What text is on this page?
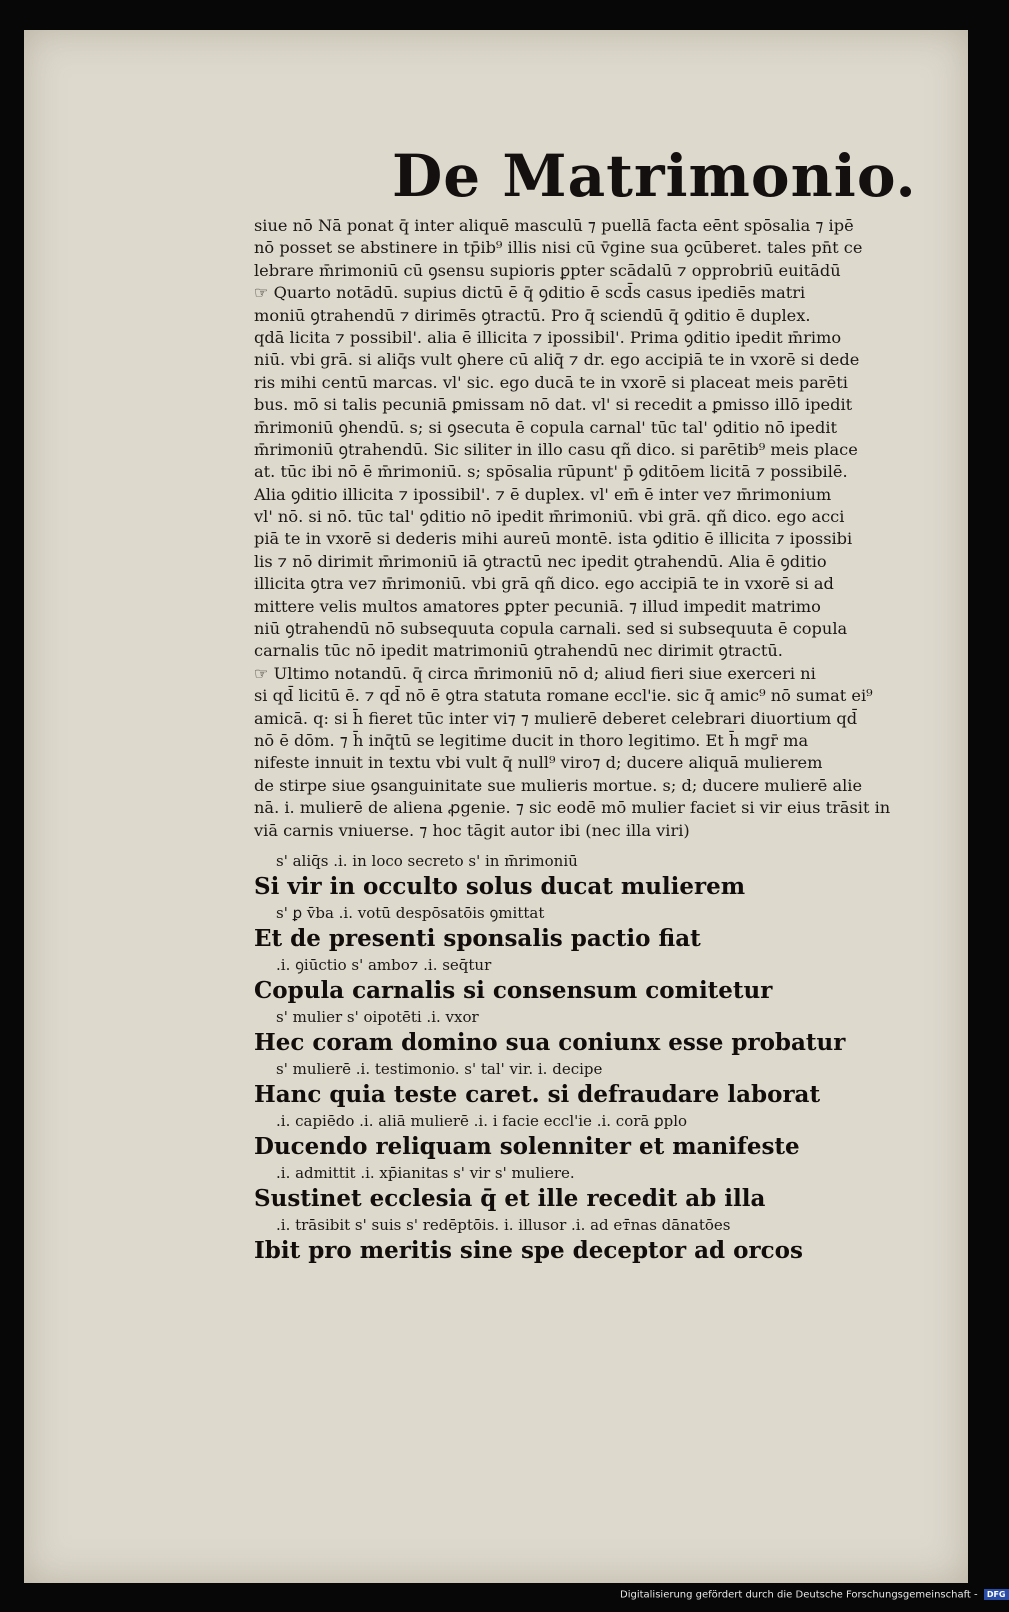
De Matrimonio.
siue nō Nā ponat q̄ inter aliquē masculū ⁊ puellā facta eēnt spōsalia ⁊ ipē
nō posset se abstinere in tp̄ib⁹ illis nisi cū v̄gine sua ꝯcūberet. tales pn̄t ce
lebrare m̄rimoniū cū ꝯsensu supioris ꝑpter scādalū ⁊ opprobriū euitādū
☞ Quarto notādū. supius dictū ē q̄ ꝯditio ē scd̄s casus ipediēs matri
moniū ꝯtrahendū ⁊ dirimēs ꝯtractū. Pro q̄ sciendū q̄ ꝯditio ē duplex.
qdā licita ⁊ possibil'. alia ē illicita ⁊ ipossibil'. Prima ꝯditio ipedit m̄rimo
niū. vbi grā. si aliq̄s vult ꝯhere cū aliq̄ ⁊ dr. ego accipiā te in vxorē si dede
ris mihi centū marcas. vl' sic. ego ducā te in vxorē si placeat meis parēti
bus. mō si talis pecuniā ꝑmissam nō dat. vl' si recedit a ꝑmisso illō ipedit
m̄rimoniū ꝯhendū. s; si ꝯsecuta ē copula carnal' tūc tal' ꝯditio nō ipedit
m̄rimoniū ꝯtrahendū. Sic siliter in illo casu qñ dico. si parētib⁹ meis place
at. tūc ibi nō ē m̄rimoniū. s; spōsalia rūpunt' p̄ ꝯditōem licitā ⁊ possibilē.
Alia ꝯditio illicita ⁊ ipossibil'. ⁊ ē duplex. vl' em̄ ē inter ve⁊ m̄rimonium
vl' nō. si nō. tūc tal' ꝯditio nō ipedit m̄rimoniū. vbi grā. qñ dico. ego acci
piā te in vxorē si dederis mihi aureū montē. ista ꝯditio ē illicita ⁊ ipossibi
lis ⁊ nō dirimit m̄rimoniū iā ꝯtractū nec ipedit ꝯtrahendū. Alia ē ꝯditio
illicita ꝯtra ve⁊ m̄rimoniū. vbi grā qñ dico. ego accipiā te in vxorē si ad
mittere velis multos amatores ꝑpter pecuniā. ⁊ illud impedit matrimo
niū ꝯtrahendū nō subsequuta copula carnali. sed si subsequuta ē copula
carnalis tūc nō ipedit matrimoniū ꝯtrahendū nec dirimit ꝯtractū.
☞ Ultimo notandū. q̄ circa m̄rimoniū nō d; aliud fieri siue exerceri ni
si qd̄ licitū ē. ⁊ qd̄ nō ē ꝯtra statuta romane eccl'ie. sic q̄ amic⁹ nō sumat ei⁹
amicā. q: si h̄ fieret tūc inter vi⁊ ⁊ mulierē deberet celebrari diuortium qd̄
nō ē dōm. ⁊ h̄ inq̄tū se legitime ducit in thoro legitimo. Et h̄ mgr̄ ma
nifeste innuit in textu vbi vult q̄ null⁹ viro⁊ d; ducere aliquā mulierem
de stirpe siue ꝯsanguinitate sue mulieris mortue. s; d; ducere mulierē alie
nā. i. mulierē de aliena ꝓgenie. ⁊ sic eodē mō mulier faciet si vir eius trāsit in
viā carnis vniuerse. ⁊ hoc tāgit autor ibi (nec illa viri)
s' aliq̄s .i. in loco secreto s' in m̄rimoniū
Si vir in occulto solus ducat mulierem
s' ꝑ v̄ba .i. votū despōsatōis ꝯmittat
Et de presenti sponsalis pactio fiat
.i. ꝯiūctio s' ambo⁊ .i. seq̄tur
Copula carnalis si consensum comitetur
s' mulier s' oipotēti .i. vxor
Hec coram domino sua coniunx esse probatur
s' mulierē .i. testimonio. s' tal' vir. i. decipe
Hanc quia teste caret. si defraudare laborat
.i. capiēdo .i. aliā mulierē .i. i facie eccl'ie .i. corā ꝑplo
Ducendo reliquam solenniter et manifeste
.i. admittit .i. xp̄ianitas s' vir s' muliere.
Sustinet ecclesia q̄ et ille recedit ab illa
.i. trāsibit s' suis s' redēptōis. i. illusor .i. ad eт̄nas dānatōes
Ibit pro meritis sine spe deceptor ad orcos
Digitalisierung gefördert durch die Deutsche Forschungsgemeinschaft - DFG
